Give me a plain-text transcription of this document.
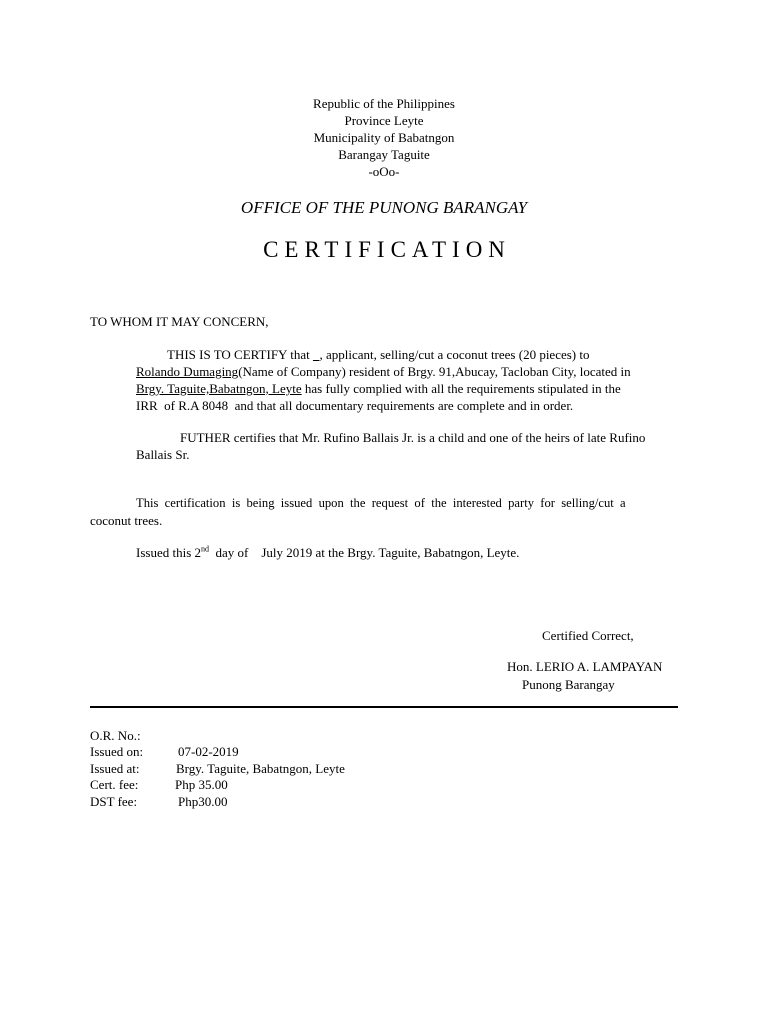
Republic of the Philippines
Province Leyte
Municipality of Babatngon
Barangay Taguite
-oOo-
OFFICE OF THE PUNONG BARANGAY
CERTIFICATION
TO WHOM IT MAY CONCERN,
THIS IS TO CERTIFY that , applicant, selling/cut a coconut trees (20 pieces) to
Rolando Dumaging(Name of Company) resident of Brgy. 91,Abucay, Tacloban City, located in
Brgy. Taguite,Babatngon, Leyte has fully complied with all the requirements stipulated in the
IRR  of R.A 8048  and that all documentary requirements are complete and in order.
FUTHER certifies that Mr. Rufino Ballais Jr. is a child and one of the heirs of late Rufino
Ballais Sr.
This  certification  is  being  issued  upon  the  request  of  the  interested  party  for  selling/cut  a
coconut trees.
Issued this 2nd  day of    July 2019 at the Brgy. Taguite, Babatngon, Leyte.
Certified Correct,
Hon. LERIO A. LAMPAYAN
Punong Barangay
O.R. No.:
Issued on:	07-02-2019
Issued at:	Brgy. Taguite, Babatngon, Leyte
Cert. fee:	Php 35.00
DST fee:	Php30.00
